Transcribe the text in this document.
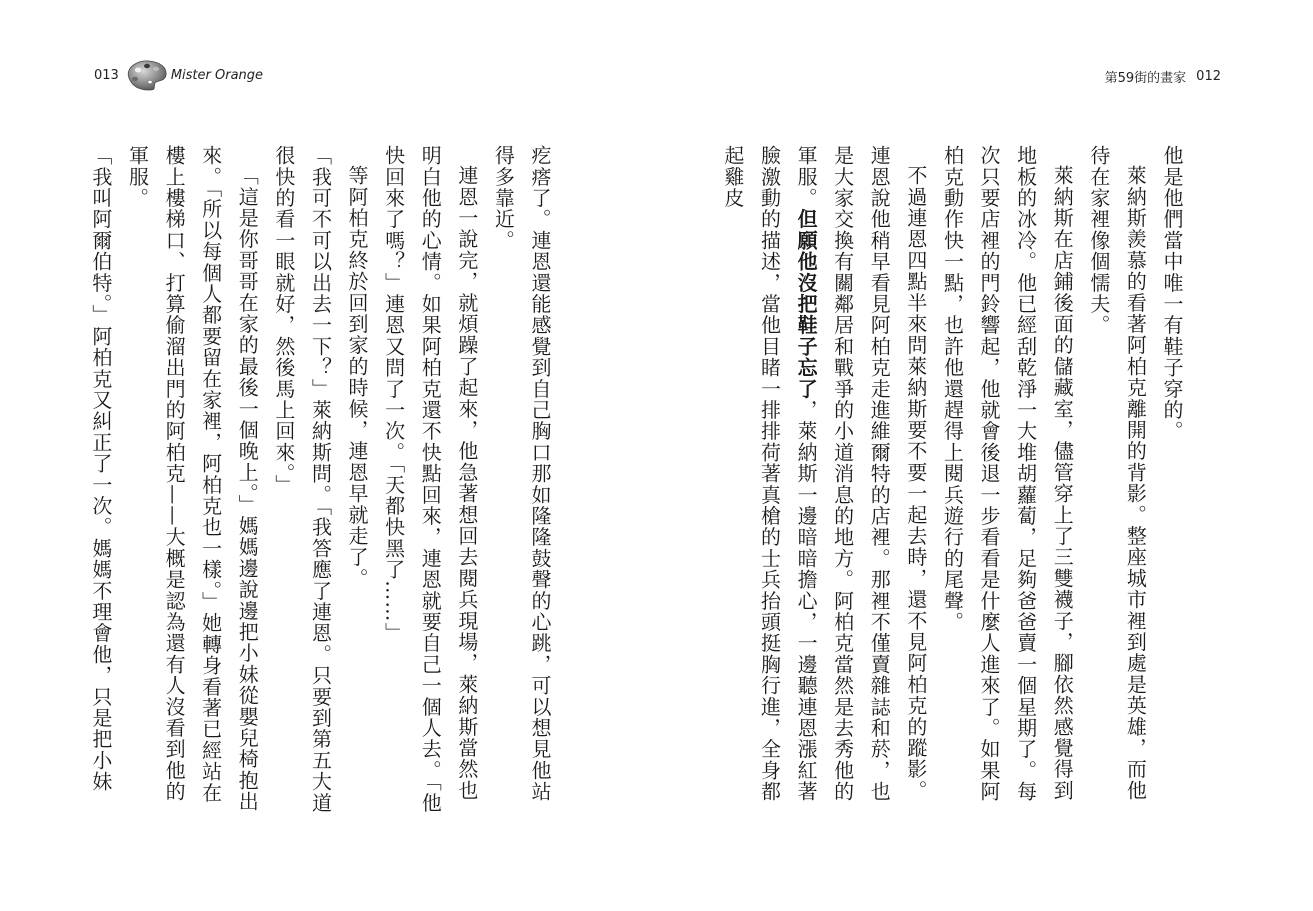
013	Mister Orange	第59街的畫家 012

他是他們當中唯一有鞋子穿的。

萊納斯羨慕的看著阿柏克離開的背影。整座城市裡到處是英雄，而他待在家裡像個懦夫。

萊納斯在店鋪後面的儲藏室，儘管穿上了三雙襪子，腳依然感覺得到地板的冰冷。他已經刮乾淨一大堆胡蘿蔔，足夠爸爸賣一個星期了。每次只要店裡的門鈴響起，他就會後退一步看看是什麼人進來了。如果阿柏克動作快一點，也許他還趕得上閱兵遊行的尾聲。

不過連恩四點半來問萊納斯要不要一起去時，還不見阿柏克的蹤影。連恩說他稍早看見阿柏克走進維爾特的店裡。那裡不僅賣雜誌和菸，也是大家交換有關鄰居和戰爭的小道消息的地方。阿柏克當然是去秀他的軍服。但願他沒把鞋子忘了，萊納斯一邊暗暗擔心，一邊聽連恩漲紅著臉激動的描述，當他目睹一排排荷著真槍的士兵抬頭挺胸行進，全身都起雞皮

疙瘩了。連恩還能感覺到自己胸口那如隆隆鼓聲的心跳，可以想見他站得多靠近。

連恩一說完，就煩躁了起來，他急著想回去閱兵現場，萊納斯當然也明白他的心情。如果阿柏克還不快點回來，連恩就要自己一個人去。「他快回來了嗎？」連恩又問了一次。「天都快黑了……」

等阿柏克終於回到家的時候，連恩早就走了。

「我可不可以出去一下？」萊納斯問。「我答應了連恩。只要到第五大道很快的看一眼就好，然後馬上回來。」

「這是你哥哥在家的最後一個晚上。」媽媽邊說邊把小妹從嬰兒椅抱出來。「所以每個人都要留在家裡，阿柏克也一樣。」她轉身看著已經站在樓上樓梯口、打算偷溜出門的阿柏克——大概是認為還有人沒看到他的軍服。

「我叫阿爾伯特。」阿柏克又糾正了一次。媽媽不理會他，只是把小妹
